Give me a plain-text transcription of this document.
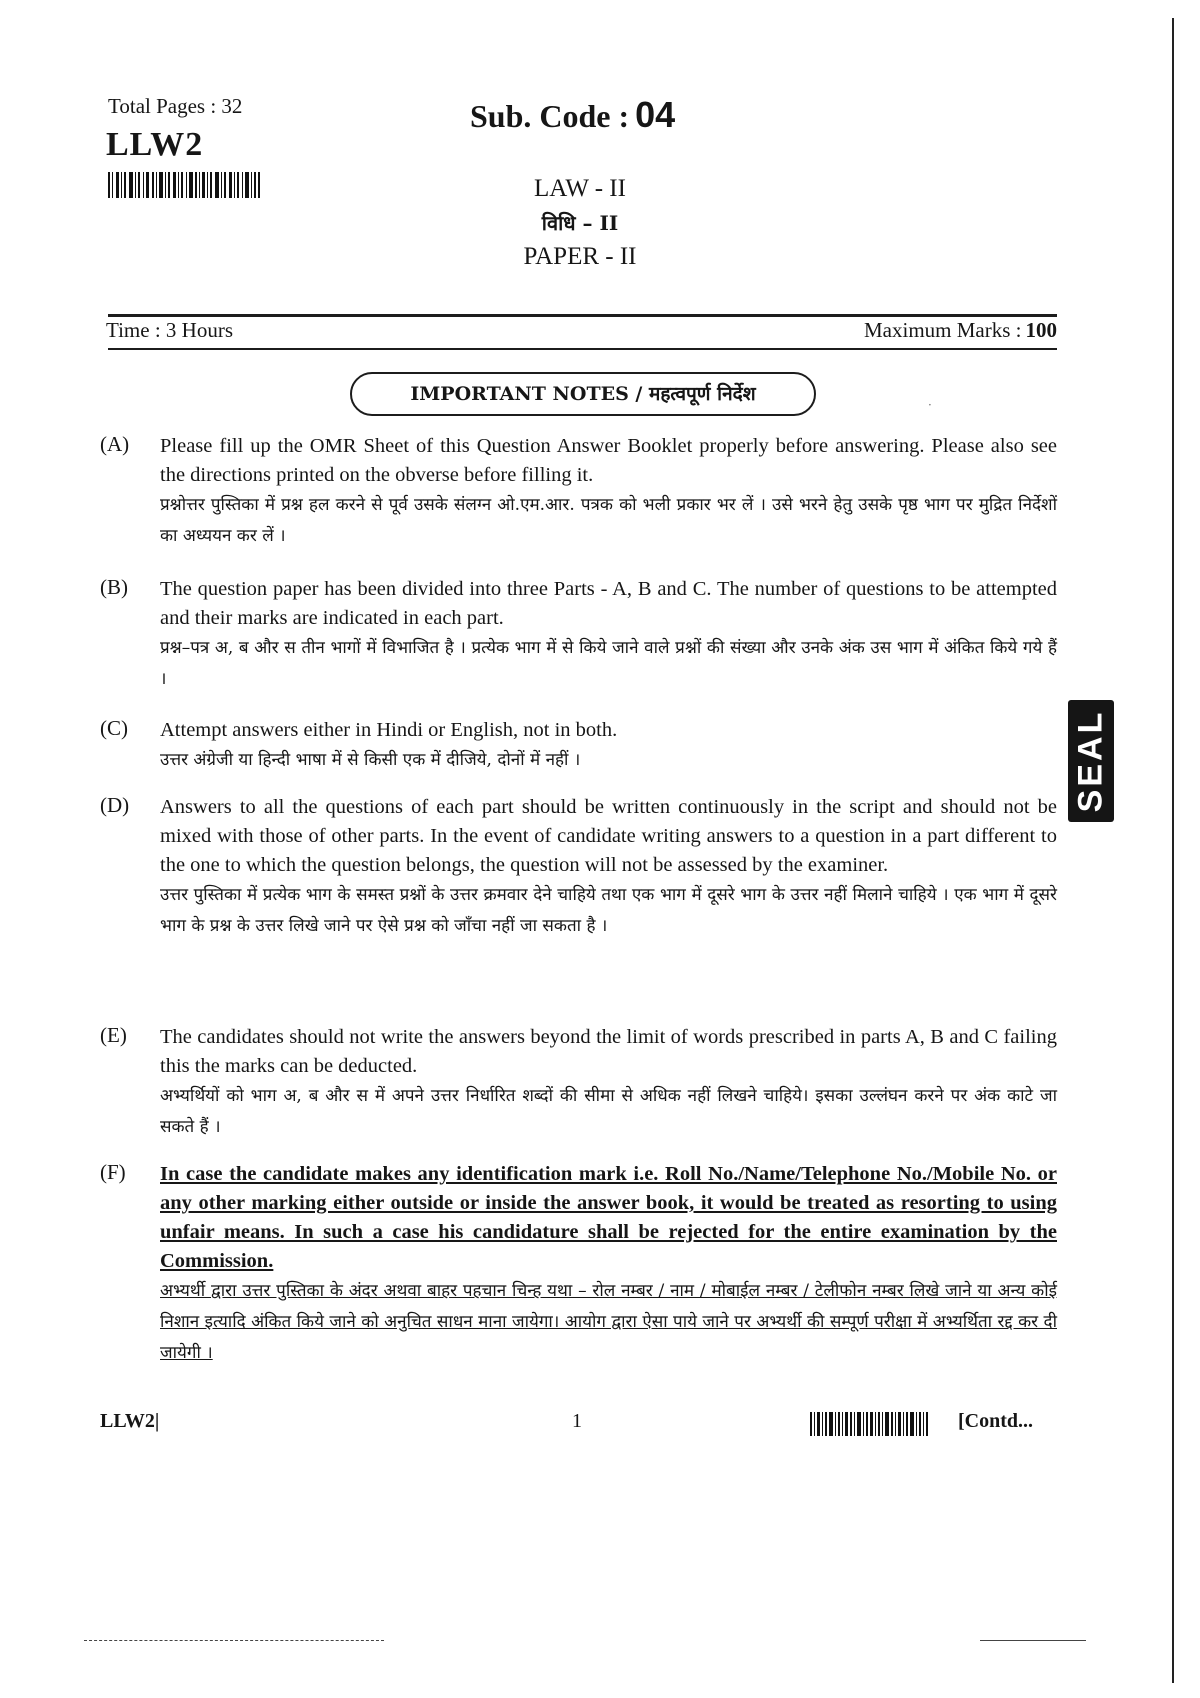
Total Pages : 32
LLW2
Sub. Code : 04
LAW - II
विधि – II
PAPER - II
Time : 3 Hours	Maximum Marks : 100
IMPORTANT NOTES / महत्वपूर्ण निर्देश	·
(A) Please fill up the OMR Sheet of this Question Answer Booklet properly before answering. Please also see the directions printed on the obverse before filling it.
प्रश्नोत्तर पुस्तिका में प्रश्न हल करने से पूर्व उसके संलग्न ओ.एम.आर. पत्रक को भली प्रकार भर लें । उसे भरने हेतु उसके पृष्ठ भाग पर मुद्रित निर्देशों का अध्ययन कर लें ।
(B) The question paper has been divided into three Parts - A, B and C. The number of questions to be attempted and their marks are indicated in each part.
प्रश्न–पत्र अ, ब और स तीन भागों में विभाजित है । प्रत्येक भाग में से किये जाने वाले प्रश्नों की संख्या और उनके अंक उस भाग में अंकित किये गये हैं ।
(C) Attempt answers either in Hindi or English, not in both.
उत्तर अंग्रेजी या हिन्दी भाषा में से किसी एक में दीजिये, दोनों में नहीं ।
(D) Answers to all the questions of each part should be written continuously in the script and should not be mixed with those of other parts. In the event of candidate writing answers to a question in a part different to the one to which the question belongs, the question will not be assessed by the examiner.
उत्तर पुस्तिका में प्रत्येक भाग के समस्त प्रश्नों के उत्तर क्रमवार देने चाहिये तथा एक भाग में दूसरे भाग के उत्तर नहीं मिलाने चाहिये । एक भाग में दूसरे भाग के प्रश्न के उत्तर लिखे जाने पर ऐसे प्रश्न को जाँचा नहीं जा सकता है ।
(E) The candidates should not write the answers beyond the limit of words prescribed in parts A, B and C failing this the marks can be deducted.
अभ्यर्थियों को भाग अ, ब और स में अपने उत्तर निर्धारित शब्दों की सीमा से अधिक नहीं लिखने चाहिये। इसका उल्लंघन करने पर अंक काटे जा सकते हैं ।
(F) In case the candidate makes any identification mark i.e. Roll No./Name/Telephone No./Mobile No. or any other marking either outside or inside the answer book, it would be treated as resorting to using unfair means. In such a case his candidature shall be rejected for the entire examination by the Commission.
अभ्यर्थी द्वारा उत्तर पुस्तिका के अंदर अथवा बाहर पहचान चिन्ह यथा – रोल नम्बर / नाम / मोबाईल नम्बर / टेलीफोन नम्बर लिखे जाने या अन्य कोई निशान इत्यादि अंकित किये जाने को अनुचित साधन माना जायेगा। आयोग द्वारा ऐसा पाये जाने पर अभ्यर्थी की सम्पूर्ण परीक्षा में अभ्यर्थिता रद्द कर दी जायेगी ।
LLW2|	1	[Contd...
SEAL
